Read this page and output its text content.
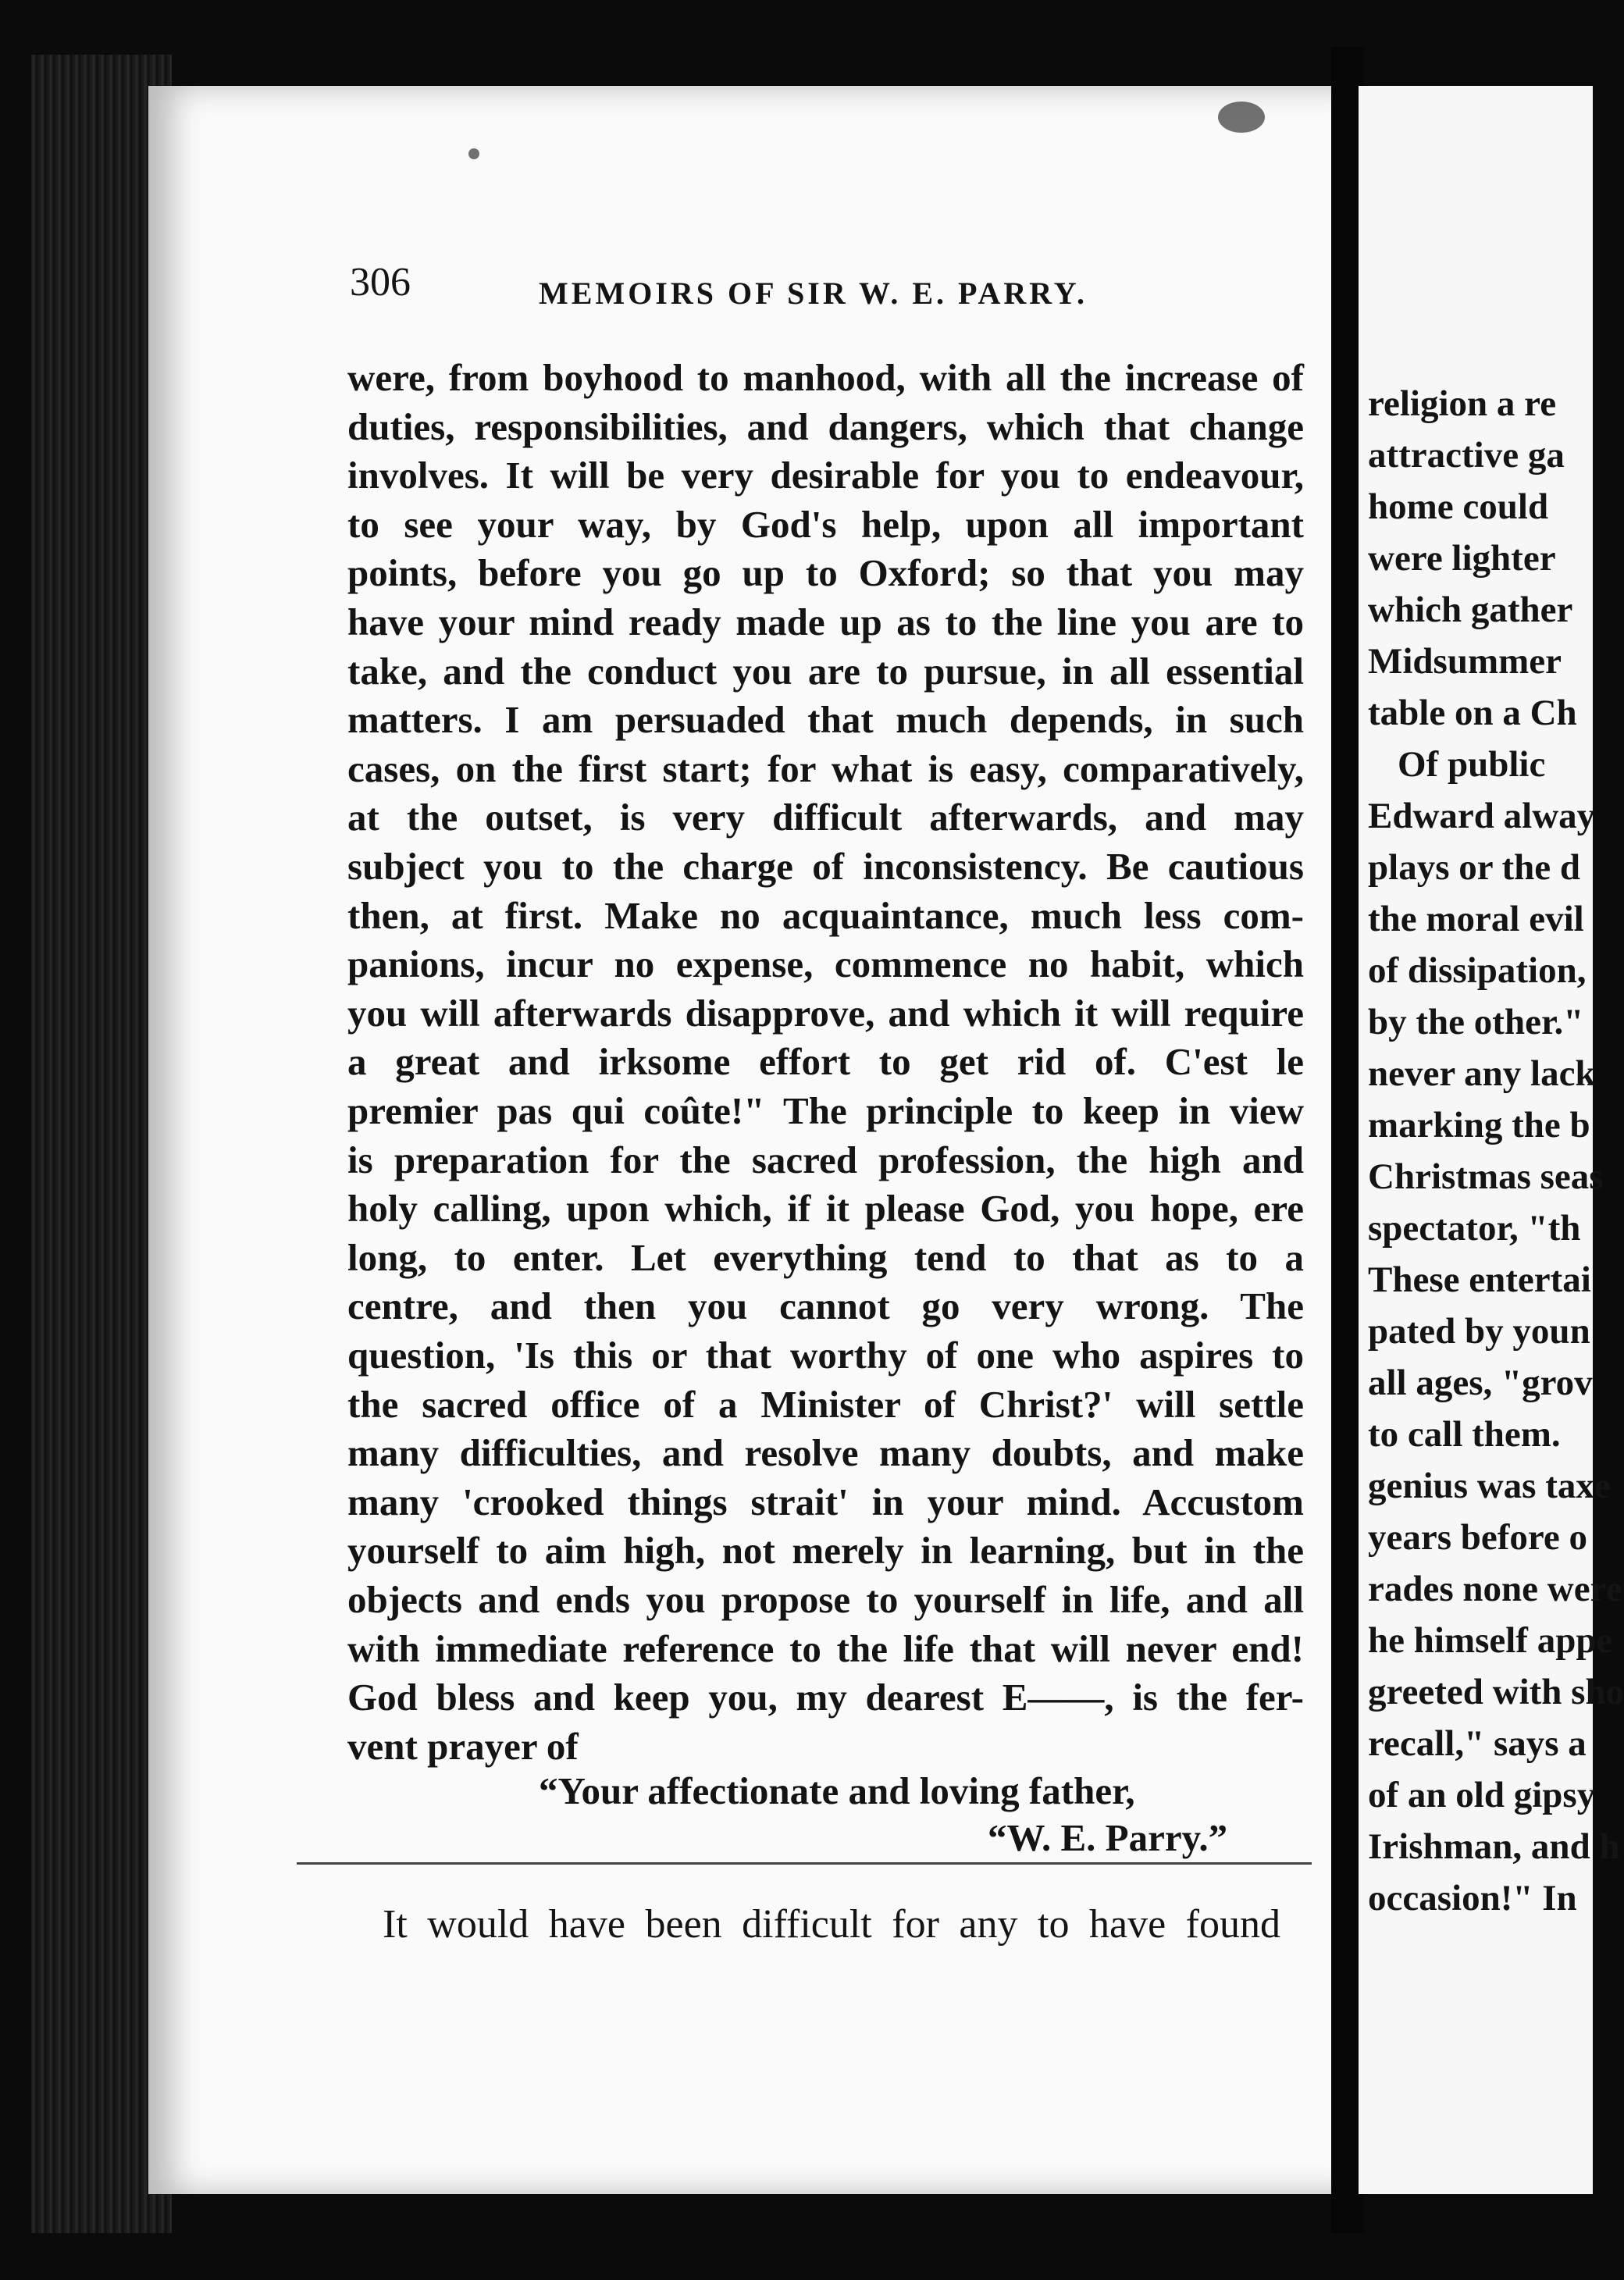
306	MEMOIRS OF SIR W. E. PARRY.
were, from boyhood to manhood, with all the increase of
duties, responsibilities, and dangers, which that change
involves. It will be very desirable for you to endeavour,
to see your way, by God's help, upon all important
points, before you go up to Oxford; so that you may
have your mind ready made up as to the line you are to
take, and the conduct you are to pursue, in all essential
matters. I am persuaded that much depends, in such
cases, on the first start; for what is easy, comparatively,
at the outset, is very difficult afterwards, and may
subject you to the charge of inconsistency. Be cautious
then, at first. Make no acquaintance, much less com-
panions, incur no expense, commence no habit, which
you will afterwards disapprove, and which it will require
a great and irksome effort to get rid of. C'est le
premier pas qui coûte!" The principle to keep in view
is preparation for the sacred profession, the high and
holy calling, upon which, if it please God, you hope, ere
long, to enter. Let everything tend to that as to a
centre, and then you cannot go very wrong. The
question, 'Is this or that worthy of one who aspires to
the sacred office of a Minister of Christ?' will settle
many difficulties, and resolve many doubts, and make
many 'crooked things strait' in your mind. Accustom
yourself to aim high, not merely in learning, but in the
objects and ends you propose to yourself in life, and all
with immediate reference to the life that will never end!
God bless and keep you, my dearest E——, is the fer-
vent prayer of
“Your affectionate and loving father,
“W. E. Parry.”
It would have been difficult for any to have found
religion a re
attractive ga
home could
were lighter
which gather
Midsummer
table on a Ch
Of public
Edward alway
plays or the d
the moral evil
of dissipation,
by the other."
never any lack
marking the b
Christmas seas
spectator, "th
These entertai
pated by youn
all ages, "grov
to call them.
genius was taxe
years before o
rades none were
he himself appe
greeted with sho
recall," says a
of an old gipsy
Irishman, and h
occasion!" In
